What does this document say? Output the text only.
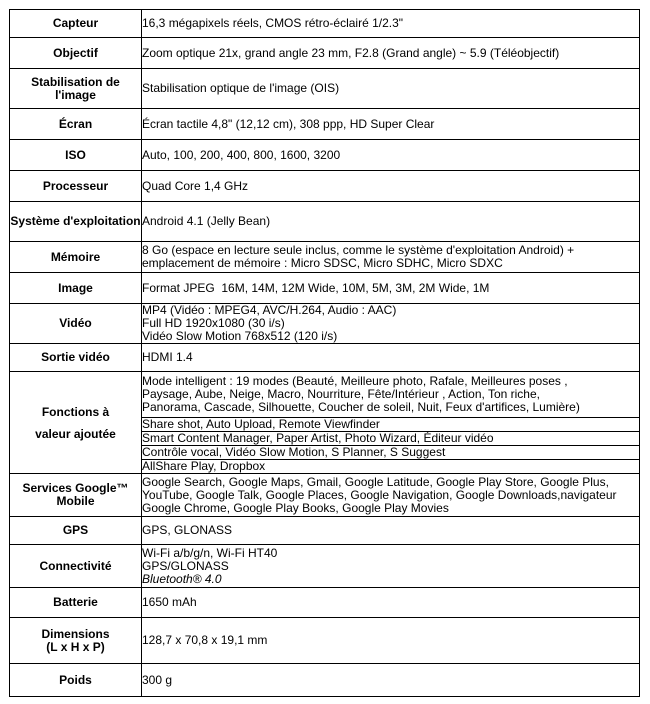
Capteur	16,3 mégapixels réels, CMOS rétro-éclairé 1/2.3"

Objectif	Zoom optique 21x, grand angle 23 mm, F2.8 (Grand angle) ~ 5.9 (Téléobjectif)

Stabilisation de l'image	Stabilisation optique de l'image (OIS)

Écran	Écran tactile 4,8" (12,12 cm), 308 ppp, HD Super Clear

ISO	Auto, 100, 200, 400, 800, 1600, 3200

Processeur	Quad Core 1,4 GHz

Système d'exploitation	Android 4.1 (Jelly Bean)

Mémoire	8 Go (espace en lecture seule inclus, comme le système d'exploitation Android) +
emplacement de mémoire : Micro SDSC, Micro SDHC, Micro SDXC

Image	Format JPEG  16M, 14M, 12M Wide, 10M, 5M, 3M, 2M Wide, 1M

Vidéo	MP4 (Vidéo : MPEG4, AVC/H.264, Audio : AAC)
Full HD 1920x1080 (30 i/s)
Vidéo Slow Motion 768x512 (120 i/s)

Sortie vidéo	HDMI 1.4

Fonctions à
valeur ajoutée	Mode intelligent : 19 modes (Beauté, Meilleure photo, Rafale, Meilleures poses ,
Paysage, Aube, Neige, Macro, Nourriture, Fête/Intérieur , Action, Ton riche,
Panorama, Cascade, Silhouette, Coucher de soleil, Nuit, Feux d'artifices, Lumière)

	Share shot, Auto Upload, Remote Viewfinder

	Smart Content Manager, Paper Artist, Photo Wizard, Éditeur vidéo

	Contrôle vocal, Vidéo Slow Motion, S Planner, S Suggest

	AllShare Play, Dropbox

Services Google™ Mobile	Google Search, Google Maps, Gmail, Google Latitude, Google Play Store, Google Plus,
YouTube, Google Talk, Google Places, Google Navigation, Google Downloads,navigateur
Google Chrome, Google Play Books, Google Play Movies

GPS	GPS, GLONASS

Connectivité	Wi-Fi a/b/g/n, Wi-Fi HT40
GPS/GLONASS
Bluetooth® 4.0

Batterie	1650 mAh

Dimensions
(L x H x P)	128,7 x 70,8 x 19,1 mm

Poids	300 g
